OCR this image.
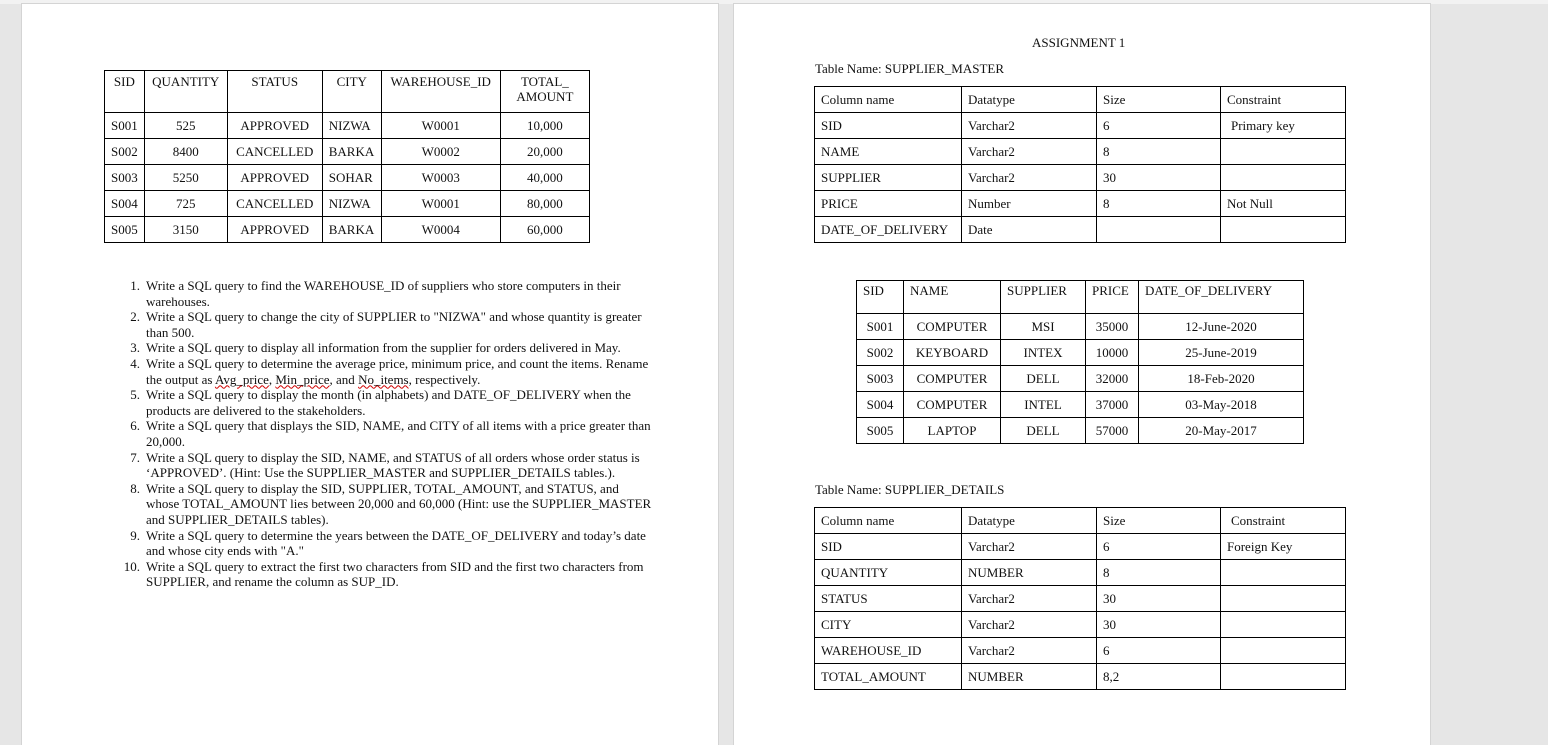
SID	QUANTITY	STATUS	CITY	WAREHOUSE_ID	TOTAL_
AMOUNT
S001	525	APPROVED	NIZWA	W0001	10,000
S002	8400	CANCELLED	BARKA	W0002	20,000
S003	5250	APPROVED	SOHAR	W0003	40,000
S004	725	CANCELLED	NIZWA	W0001	80,000
S005	3150	APPROVED	BARKA	W0004	60,000
1. Write a SQL query to find the WAREHOUSE_ID of suppliers who store computers in their warehouses.
2. Write a SQL query to change the city of SUPPLIER to "NIZWA" and whose quantity is greater than 500.
3. Write a SQL query to display all information from the supplier for orders delivered in May.
4. Write a SQL query to determine the average price, minimum price, and count the items. Rename the output as Avg_price, Min_price, and No_items, respectively.
5. Write a SQL query to display the month (in alphabets) and DATE_OF_DELIVERY when the products are delivered to the stakeholders.
6. Write a SQL query that displays the SID, NAME, and CITY of all items with a price greater than 20,000.
7. Write a SQL query to display the SID, NAME, and STATUS of all orders whose order status is ‘APPROVED’. (Hint: Use the SUPPLIER_MASTER and SUPPLIER_DETAILS tables.).
8. Write a SQL query to display the SID, SUPPLIER, TOTAL_AMOUNT, and STATUS, and whose TOTAL_AMOUNT lies between 20,000 and 60,000 (Hint: use the SUPPLIER_MASTER and SUPPLIER_DETAILS tables).
9. Write a SQL query to determine the years between the DATE_OF_DELIVERY and today’s date and whose city ends with "A."
10. Write a SQL query to extract the first two characters from SID and the first two characters from SUPPLIER, and rename the column as SUP_ID.
ASSIGNMENT 1
Table Name: SUPPLIER_MASTER
Column name	Datatype	Size	Constraint
SID	Varchar2	6	Primary key
NAME	Varchar2	8	
SUPPLIER	Varchar2	30	
PRICE	Number	8	Not Null
DATE_OF_DELIVERY	Date		
SID	NAME	SUPPLIER	PRICE	DATE_OF_DELIVERY
S001	COMPUTER	MSI	35000	12-June-2020
S002	KEYBOARD	INTEX	10000	25-June-2019
S003	COMPUTER	DELL	32000	18-Feb-2020
S004	COMPUTER	INTEL	37000	03-May-2018
S005	LAPTOP	DELL	57000	20-May-2017
Table Name: SUPPLIER_DETAILS
Column name	Datatype	Size	Constraint
SID	Varchar2	6	Foreign Key
QUANTITY	NUMBER	8	
STATUS	Varchar2	30	
CITY	Varchar2	30	
WAREHOUSE_ID	Varchar2	6	
TOTAL_AMOUNT	NUMBER	8,2	
